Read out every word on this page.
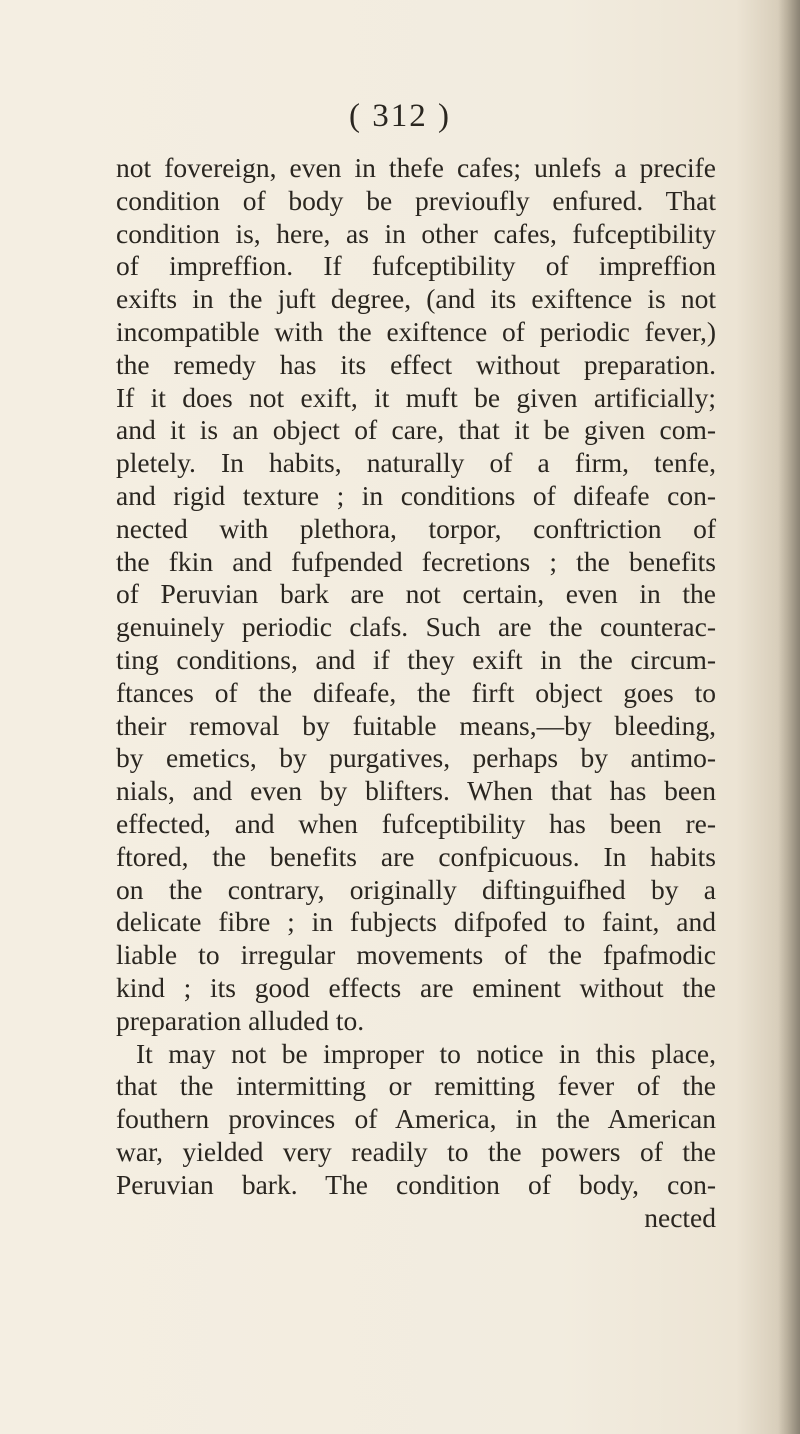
( 312 )
not fovereign, even in thefe cafes; unlefs a precife
condition of body be previoufly enfured. That
condition is, here, as in other cafes, fufceptibility
of impreffion. If fufceptibility of impreffion
exifts in the juft degree, (and its exiftence is not
incompatible with the exiftence of periodic fever,)
the remedy has its effect without preparation.
If it does not exift, it muft be given artificially;
and it is an object of care, that it be given com-
pletely. In habits, naturally of a firm, tenfe,
and rigid texture ; in conditions of difeafe con-
nected with plethora, torpor, conftriction of
the fkin and fufpended fecretions ; the benefits
of Peruvian bark are not certain, even in the
genuinely periodic clafs. Such are the counterac-
ting conditions, and if they exift in the circum-
ftances of the difeafe, the firft object goes to
their removal by fuitable means,—by bleeding,
by emetics, by purgatives, perhaps by antimo-
nials, and even by blifters. When that has been
effected, and when fufceptibility has been re-
ftored, the benefits are confpicuous. In habits
on the contrary, originally diftinguifhed by a
delicate fibre ; in fubjects difpofed to faint, and
liable to irregular movements of the fpafmodic
kind ; its good effects are eminent without the
preparation alluded to.
It may not be improper to notice in this place,
that the intermitting or remitting fever of the
fouthern provinces of America, in the American
war, yielded very readily to the powers of the
Peruvian bark. The condition of body, con-
nected
